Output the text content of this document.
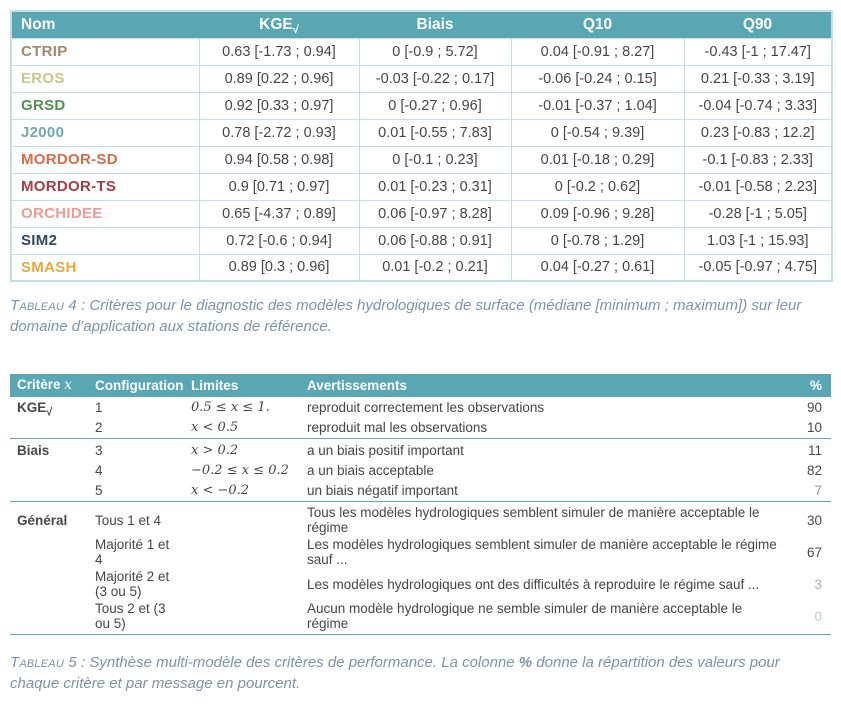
Nom	$KGE_√$	Biais	Q10	Q90
CTRIP	0.63 [-1.73 ; 0.94]	0 [-0.9 ; 5.72]	0.04 [-0.91 ; 8.27]	-0.43 [-1 ; 17.47]
EROS	0.89 [0.22 ; 0.96]	-0.03 [-0.22 ; 0.17]	-0.06 [-0.24 ; 0.15]	0.21 [-0.33 ; 3.19]
GRSD	0.92 [0.33 ; 0.97]	0 [-0.27 ; 0.96]	-0.01 [-0.37 ; 1.04]	-0.04 [-0.74 ; 3.33]
J2000	0.78 [-2.72 ; 0.93]	0.01 [-0.55 ; 7.83]	0 [-0.54 ; 9.39]	0.23 [-0.83 ; 12.2]
MORDOR-SD	0.94 [0.58 ; 0.98]	0 [-0.1 ; 0.23]	0.01 [-0.18 ; 0.29]	-0.1 [-0.83 ; 2.33]
MORDOR-TS	0.9 [0.71 ; 0.97]	0.01 [-0.23 ; 0.31]	0 [-0.2 ; 0.62]	-0.01 [-0.58 ; 2.23]
ORCHIDEE	0.65 [-4.37 ; 0.89]	0.06 [-0.97 ; 8.28]	0.09 [-0.96 ; 9.28]	-0.28 [-1 ; 5.05]
SIM2	0.72 [-0.6 ; 0.94]	0.06 [-0.88 ; 0.91]	0 [-0.78 ; 1.29]	1.03 [-1 ; 15.93]
SMASH	0.89 [0.3 ; 0.96]	0.01 [-0.2 ; 0.21]	0.04 [-0.27 ; 0.61]	-0.05 [-0.97 ; 4.75]

Tableau 4 : Critères pour le diagnostic des modèles hydrologiques de surface (médiane [minimum ; maximum]) sur leur domaine d’application aux stations de référence.

Critère x	Configuration	Limites	Avertissements	%
$KGE_√$	1	0.5 ≤ x ≤ 1.	reproduit correctement les observations	90
	2	x < 0.5	reproduit mal les observations	10
Biais	3	x > 0.2	a un biais positif important	11
	4	−0.2 ≤ x ≤ 0.2	a un biais acceptable	82
	5	x < −0.2	un biais négatif important	7
Général	Tous 1 et 4		Tous les modèles hydrologiques semblent simuler de manière acceptable le régime	30
	Majorité 1 et 4		Les modèles hydrologiques semblent simuler de manière acceptable le régime sauf ...	67
	Majorité 2 et (3 ou 5)		Les modèles hydrologiques ont des difficultés à reproduire le régime sauf ...	3
	Tous 2 et (3 ou 5)		Aucun modèle hydrologique ne semble simuler de manière acceptable le régime	0

Tableau 5 : Synthèse multi-modèle des critères de performance. La colonne % donne la répartition des valeurs pour chaque critère et par message en pourcent.
